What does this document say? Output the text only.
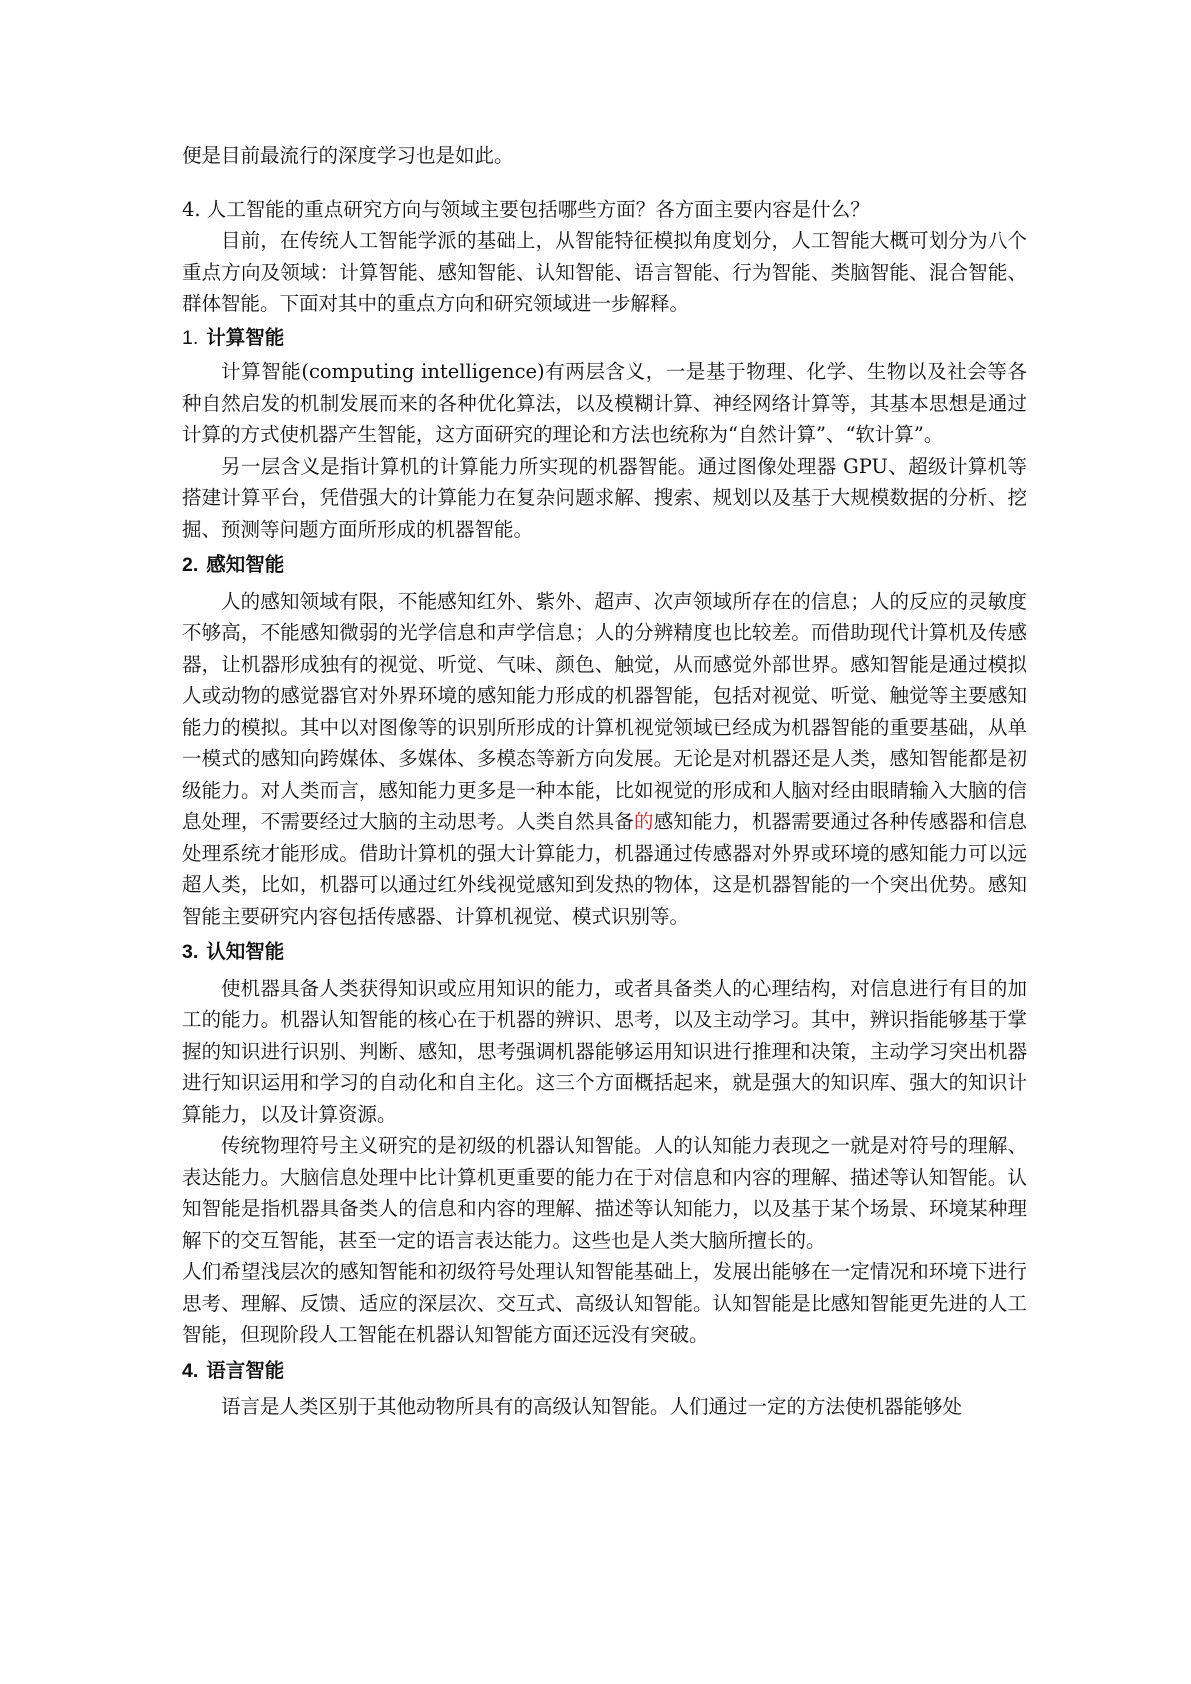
便是目前最流行的深度学习也是如此。

4. 人工智能的重点研究方向与领域主要包括哪些方面？各方面主要内容是什么？

目前，在传统人工智能学派的基础上，从智能特征模拟角度划分，人工智能大概可划分为八个重点方向及领域：计算智能、感知智能、认知智能、语言智能、行为智能、类脑智能、混合智能、群体智能。下面对其中的重点方向和研究领域进一步解释。

1. 计算智能

计算智能(computing intelligence)有两层含义，一是基于物理、化学、生物以及社会等各种自然启发的机制发展而来的各种优化算法，以及模糊计算、神经网络计算等，其基本思想是通过计算的方式使机器产生智能，这方面研究的理论和方法也统称为“自然计算”、“软计算”。

另一层含义是指计算机的计算能力所实现的机器智能。通过图像处理器 GPU、超级计算机等搭建计算平台，凭借强大的计算能力在复杂问题求解、搜索、规划以及基于大规模数据的分析、挖掘、预测等问题方面所形成的机器智能。

2. 感知智能

人的感知领域有限，不能感知红外、紫外、超声、次声领域所存在的信息；人的反应的灵敏度不够高，不能感知微弱的光学信息和声学信息；人的分辨精度也比较差。而借助现代计算机及传感器，让机器形成独有的视觉、听觉、气味、颜色、触觉，从而感觉外部世界。感知智能是通过模拟人或动物的感觉器官对外界环境的感知能力形成的机器智能，包括对视觉、听觉、触觉等主要感知能力的模拟。其中以对图像等的识别所形成的计算机视觉领域已经成为机器智能的重要基础，从单一模式的感知向跨媒体、多媒体、多模态等新方向发展。无论是对机器还是人类，感知智能都是初级能力。对人类而言，感知能力更多是一种本能，比如视觉的形成和人脑对经由眼睛输入大脑的信息处理，不需要经过大脑的主动思考。人类自然具备的感知能力，机器需要通过各种传感器和信息处理系统才能形成。借助计算机的强大计算能力，机器通过传感器对外界或环境的感知能力可以远超人类，比如，机器可以通过红外线视觉感知到发热的物体，这是机器智能的一个突出优势。感知智能主要研究内容包括传感器、计算机视觉、模式识别等。

3. 认知智能

使机器具备人类获得知识或应用知识的能力，或者具备类人的心理结构，对信息进行有目的加工的能力。机器认知智能的核心在于机器的辨识、思考，以及主动学习。其中，辨识指能够基于掌握的知识进行识别、判断、感知，思考强调机器能够运用知识进行推理和决策，主动学习突出机器进行知识运用和学习的自动化和自主化。这三个方面概括起来，就是强大的知识库、强大的知识计算能力，以及计算资源。

传统物理符号主义研究的是初级的机器认知智能。人的认知能力表现之一就是对符号的理解、表达能力。大脑信息处理中比计算机更重要的能力在于对信息和内容的理解、描述等认知智能。认知智能是指机器具备类人的信息和内容的理解、描述等认知能力，以及基于某个场景、环境某种理解下的交互智能，甚至一定的语言表达能力。这些也是人类大脑所擅长的。

人们希望浅层次的感知智能和初级符号处理认知智能基础上，发展出能够在一定情况和环境下进行思考、理解、反馈、适应的深层次、交互式、高级认知智能。认知智能是比感知智能更先进的人工智能，但现阶段人工智能在机器认知智能方面还远没有突破。

4. 语言智能

语言是人类区别于其他动物所具有的高级认知智能。人们通过一定的方法使机器能够处
